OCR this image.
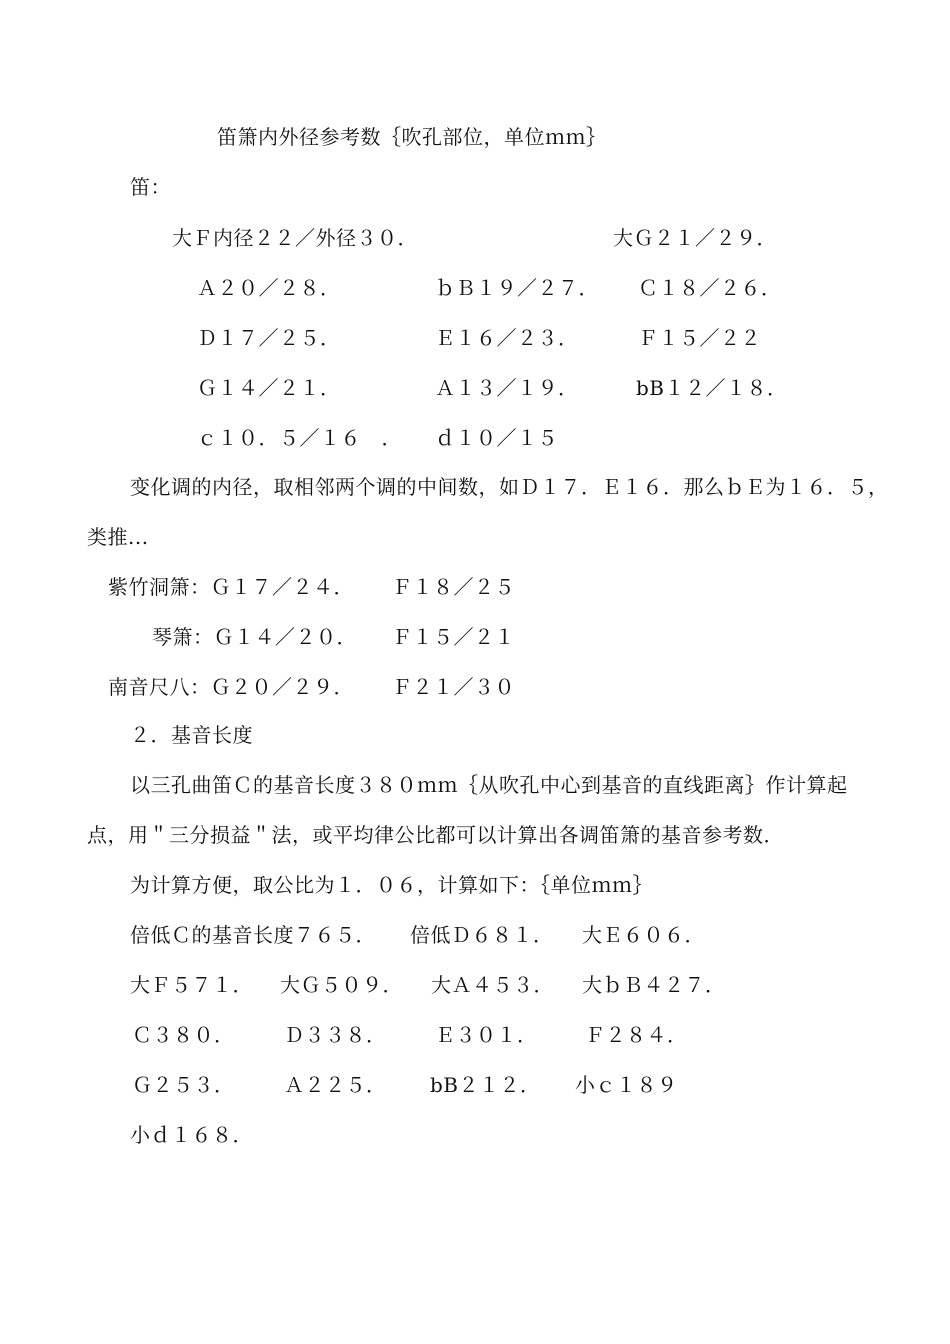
笛箫内外径参考数｛吹孔部位，单位ｍｍ｝
笛：
大Ｆ内径２２／外径３０．	大Ｇ２１／２９．
Ａ２０／２８．	ｂＢ１９／２７． Ｃ１８／２６．
Ｄ１７／２５．	Ｅ１６／２３．	Ｆ１５／２２
Ｇ１４／２１．	Ａ１３／１９．	bB１２／１８．
ｃ１０．５／１６　． ｄ１０／１５
变化调的内径，取相邻两个调的中间数，如Ｄ１７．Ｅ１６．那么ｂＥ为１６．５，
类推...
紫竹洞箫：Ｇ１７／２４． Ｆ１８／２５
琴箫：Ｇ１４／２０． Ｆ１５／２１
南音尺八：Ｇ２０／２９． Ｆ２１／３０
２．基音长度
以三孔曲笛Ｃ的基音长度３８０ｍｍ｛从吹孔中心到基音的直线距离｝作计算起
点，用＂三分损益＂法，或平均律公比都可以计算出各调笛箫的基音参考数．
为计算方便，取公比为１．０６，计算如下：｛单位ｍｍ｝
倍低Ｃ的基音长度７６５． 倍低Ｄ６８１． 大Ｅ６０６．
大Ｆ５７１． 大Ｇ５０９． 大Ａ４５３． 大ｂＢ４２７．
Ｃ３８０． Ｄ３３８． Ｅ３０１． Ｆ２８４．
Ｇ２５３． Ａ２２５． bB２１２． 小ｃ１８９
小ｄ１６８．
